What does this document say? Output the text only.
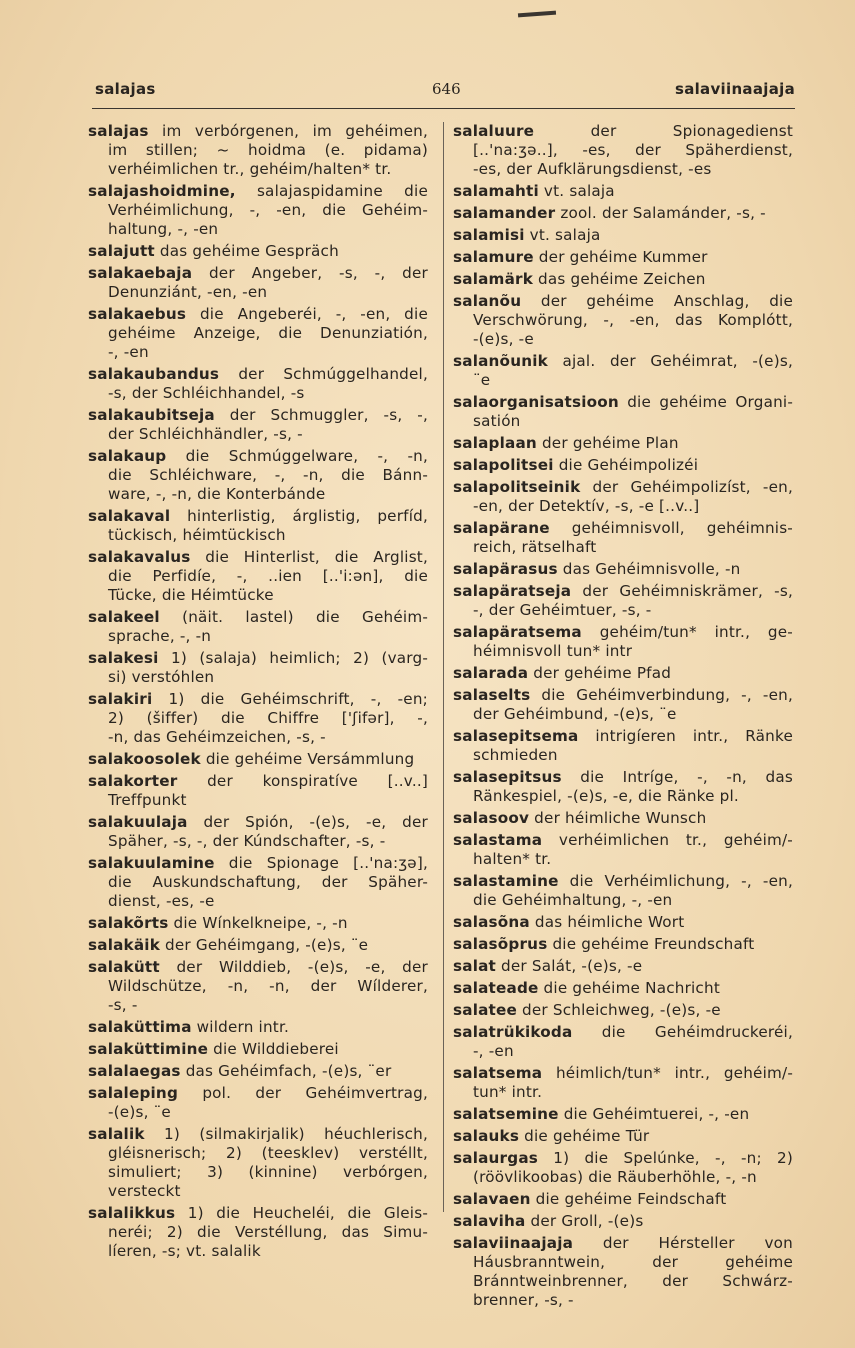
salajas	646	salaviinaajaja
salajas im verbórgenen, im gehéimen,
im stillen; ~ hoidma (e. pidama)
verhéimlichen tr., gehéim/halten* tr.
salajashoidmine, salajaspidamine die
Verhéimlichung, -, -en, die Gehéim-
haltung, -, -en
salajutt das gehéime Gespräch
salakaebaja der Angeber, -s, -, der
Denunziánt, -en, -en
salakaebus die Angeberéi, -, -en, die
gehéime Anzeige, die Denunziatión,
-, -en
salakaubandus der Schmúggelhandel,
-s, der Schléichhandel, -s
salakaubitseja der Schmuggler, -s, -,
der Schléichhändler, -s, -
salakaup die Schmúggelware, -, -n,
die Schléichware, -, -n, die Bánn-
ware, -, -n, die Konterbánde
salakaval hinterlistig, árglistig, perfíd,
tückisch, héimtückisch
salakavalus die Hinterlist, die Arglist,
die Perfidíe, -, ..ien [..'i:ən], die
Tücke, die Héimtücke
salakeel (näit. lastel) die Gehéim-
sprache, -, -n
salakesi 1) (salaja) heimlich; 2) (varg-
si) verstóhlen
salakiri 1) die Gehéimschrift, -, -en;
2) (šiffer) die Chiffre ['ʃifər], -,
-n, das Gehéimzeichen, -s, -
salakoosolek die gehéime Versámmlung
salakorter der konspiratíve [..v..]
Treffpunkt
salakuulaja der Spión, -(e)s, -e, der
Späher, -s, -, der Kúndschafter, -s, -
salakuulamine die Spionage [..'na:ʒə],
die Auskundschaftung, der Späher-
dienst, -es, -e
salakõrts die Wínkelkneipe, -, -n
salakäik der Gehéimgang, -(e)s, ¨e
salakütt der Wilddieb, -(e)s, -e, der
Wildschütze, -n, -n, der Wílderer,
-s, -
salaküttima wildern intr.
salaküttimine die Wilddieberei
salalaegas das Gehéimfach, -(e)s, ¨er
salaleping pol. der Gehéimvertrag,
-(e)s, ¨e
salalik 1) (silmakirjalik) héuchlerisch,
gléisnerisch; 2) (teesklev) verstéllt,
simuliert; 3) (kinnine) verbórgen,
versteckt
salalikkus 1) die Heucheléi, die Gleis-
neréi; 2) die Verstéllung, das Simu-
líeren, -s; vt. salalik
salaluure der Spionagedienst
[..'na:ʒə..], -es, der Späherdienst,
-es, der Aufklärungsdienst, -es
salamahti vt. salaja
salamander zool. der Salamánder, -s, -
salamisi vt. salaja
salamure der gehéime Kummer
salamärk das gehéime Zeichen
salanõu der gehéime Anschlag, die
Verschwörung, -, -en, das Komplótt,
-(e)s, -e
salanõunik ajal. der Gehéimrat, -(e)s,
¨e
salaorganisatsioon die gehéime Organi-
satión
salaplaan der gehéime Plan
salapolitsei die Gehéimpolizéi
salapolitseinik der Gehéimpolizíst, -en,
-en, der Detektív, -s, -e [..v..]
salapärane gehéimnisvoll, gehéimnis-
reich, rätselhaft
salapärasus das Gehéimnisvolle, -n
salapäratseja der Gehéimniskrämer, -s,
-, der Gehéimtuer, -s, -
salapäratsema gehéim/tun* intr., ge-
héimnisvoll tun* intr
salarada der gehéime Pfad
salaselts die Gehéimverbindung, -, -en,
der Gehéimbund, -(e)s, ¨e
salasepitsema intrigíeren intr., Ränke
schmieden
salasepitsus die Intríge, -, -n, das
Ränkespiel, -(e)s, -e, die Ränke pl.
salasoov der héimliche Wunsch
salastama verhéimlichen tr., gehéim/-
halten* tr.
salastamine die Verhéimlichung, -, -en,
die Gehéimhaltung, -, -en
salasõna das héimliche Wort
salasõprus die gehéime Freundschaft
salat der Salát, -(e)s, -e
salateade die gehéime Nachricht
salatee der Schleichweg, -(e)s, -e
salatrükikoda die Gehéimdruckeréi,
-, -en
salatsema héimlich/tun* intr., gehéim/-
tun* intr.
salatsemine die Gehéimtuerei, -, -en
salauks die gehéime Tür
salaurgas 1) die Spelúnke, -, -n; 2)
(röövlikoobas) die Räuberhöhle, -, -n
salavaen die gehéime Feindschaft
salaviha der Groll, -(e)s
salaviinaajaja der Hérsteller von
Háusbranntwein, der gehéime
Bránntweinbrenner, der Schwárz-
brenner, -s, -
